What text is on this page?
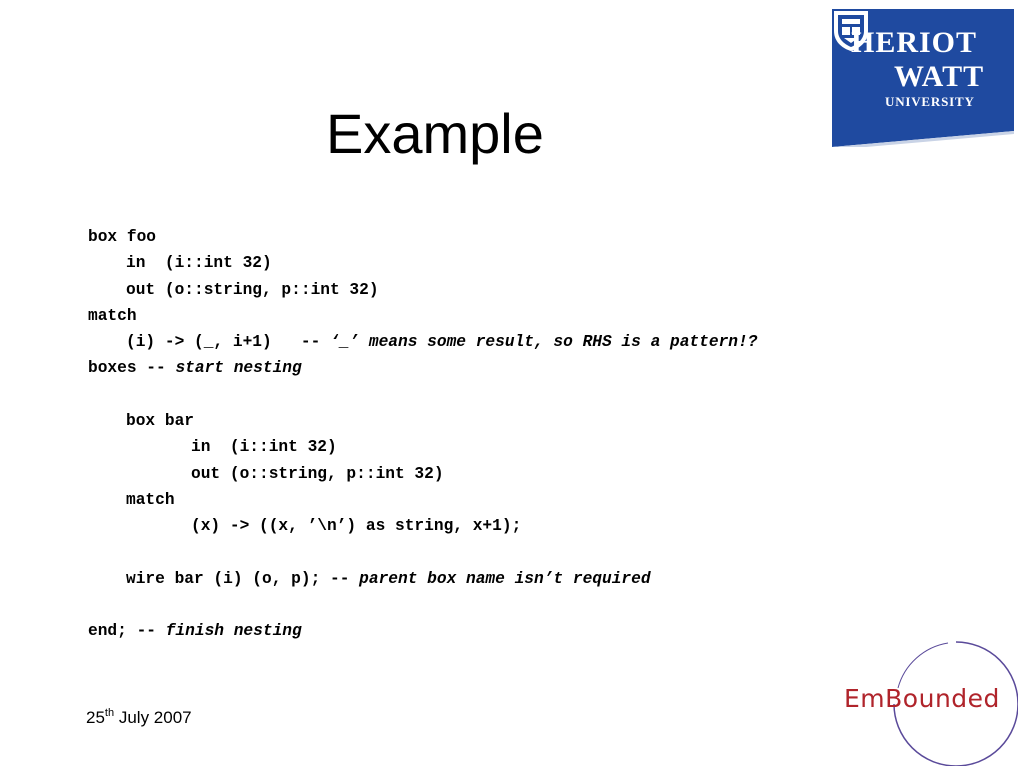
HERIOT
WATT
UNIVERSITY
Example
box foo
in  (i::int 32)
out (o::string, p::int 32)
match
(i) -> (_, i+1)   -- ‘_’ means some result, so RHS is a pattern!?
boxes -- start nesting
box bar
in  (i::int 32)
out (o::string, p::int 32)
match
(x) -> ((x, ’\n’) as string, x+1);
wire bar (i) (o, p); -- parent box name isn’t required
end; -- finish nesting
25th July 2007
EmBounded
